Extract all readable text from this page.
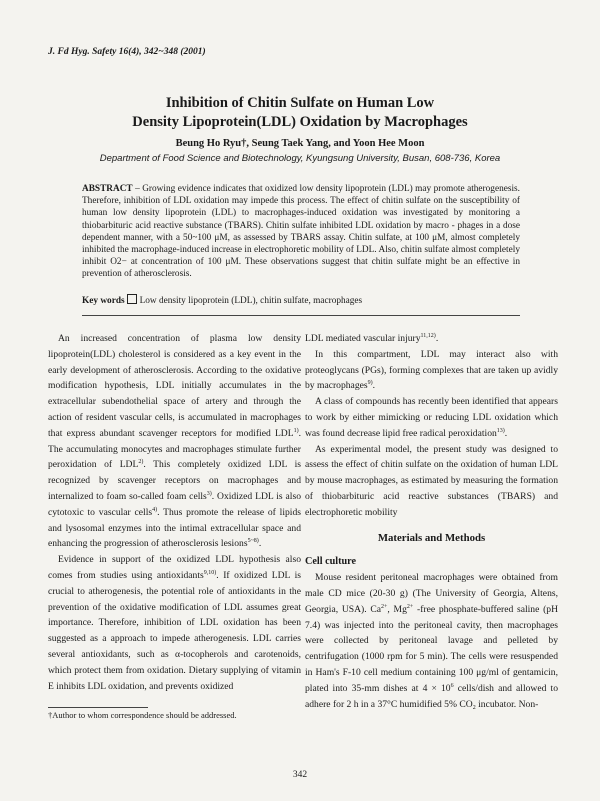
J. Fd Hyg. Safety 16(4), 342~348 (2001)
Inhibition of Chitin Sulfate on Human Low
Density Lipoprotein(LDL) Oxidation by Macrophages
Beung Ho Ryu†, Seung Taek Yang, and Yoon Hee Moon
Department of Food Science and Biotechnology, Kyungsung University, Busan, 608-736, Korea
ABSTRACT – Growing evidence indicates that oxidized low density lipoprotein (LDL) may promote atherogenesis. Therefore, inhibition of LDL oxidation may impede this process. The effect of chitin sulfate on the susceptibility of human low density lipoprotein (LDL) to macrophages-induced oxidation was investigated by monitoring a thiobarbituric acid reactive substance (TBARS). Chitin sulfate inhibited LDL oxidation by macro - phages in a dose dependent manner, with a 50~100 μM, as assessed by TBARS assay. Chitin sulfate, at 100 μM, almost completely inhibited the macrophage-induced increase in electrophoretic mobility of LDL. Also, chitin sulfate almost completely inhibit O2− at concentration of 100 μM. These observations suggest that chitin sulfate might be an effective in prevention of atherosclerosis.
Key words Low density lipoprotein (LDL), chitin sulfate, macrophages

An increased concentration of plasma low density lipoprotein(LDL) cholesterol is considered as a key event in the early development of atherosclerosis. According to the oxidative modification hypothesis, LDL initially accumulates in the extracellular subendothelial space of artery and through the action of resident vascular cells, is accumulated in macrophages that express abundant scavenger receptors for modified LDL$^{1)}$. The accumulating monocytes and macrophages stimulate further peroxidation of LDL$^{2)}$. This completely oxidized LDL is recognized by scavenger receptors on macrophages and internalized to foam so-called foam cells$^{3)}$. Oxidized LDL is also cytotoxic to vascular cells$^{4)}$. Thus promote the release of lipids and lysosomal enzymes into the intimal extracellular space and enhancing the progression of atherosclerosis lesions$^{5\sim 8)}$.

Evidence in support of the oxidized LDL hypothesis also comes from studies using antioxidants$^{9,10)}$. If oxidized LDL is crucial to atherogenesis, the potential role of antioxidants in the prevention of the oxidative modification of LDL assumes great importance. Therefore, inhibition of LDL oxidation has been suggested as a approach to impede atherogenesis. LDL carries several antioxidants, such as α-tocopherols and carotenoids, which protect them from oxidation. Dietary supplying of vitamin E inhibits LDL oxidation, and prevents oxidized

LDL mediated vascular injury$^{11,12)}$.

In this compartment, LDL may interact also with proteoglycans (PGs), forming complexes that are taken up avidly by macrophages$^{9)}$.

A class of compounds has recently been identified that appears to work by either mimicking or reducing LDL oxidation which was found decrease lipid free radical peroxidation$^{13)}$.

As experimental model, the present study was designed to assess the effect of chitin sulfate on the oxidation of human LDL by mouse macrophages, as estimated by measuring the formation of thiobarbituric acid reactive substances (TBARS) and electrophoretic mobility

Materials and Methods
Cell culture

Mouse resident peritoneal macrophages were obtained from male CD mice (20-30 g) (The University of Georgia, Altens, Georgia, USA). $Ca^{2+}$, $Mg^{2+}$ -free phosphate-buffered saline (pH 7.4) was injected into the peritoneal cavity, then macrophages were collected by peritoneal lavage and pelleted by centrifugation (1000 rpm for 5 min). The cells were resuspended in Ham's F-10 cell medium containing 100 μg/ml of gentamicin, plated into 35-mm dishes at $4 \times 10^6$ cells/dish and allowed to adhere for 2 h in a 37°C humidified 5% $CO_2$ incubator. Non-

†Author to whom correspondence should be addressed.
342
